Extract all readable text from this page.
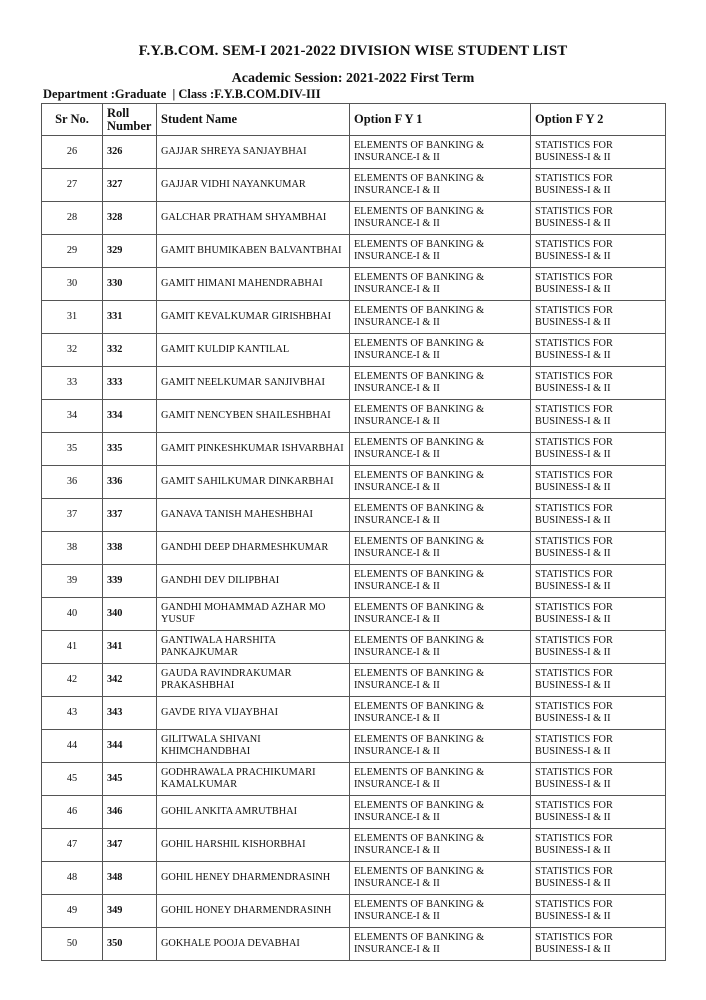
F.Y.B.COM. SEM-I 2021-2022 DIVISION WISE STUDENT LIST
Academic Session: 2021-2022 First Term
Department :Graduate  | Class :F.Y.B.COM.DIV-III
Sr No.	Roll Number	Student Name	Option F Y 1	Option F Y 2
26	326	GAJJAR SHREYA SANJAYBHAI	ELEMENTS OF BANKING & INSURANCE-I & II	STATISTICS FOR BUSINESS-I & II
27	327	GAJJAR VIDHI NAYANKUMAR	ELEMENTS OF BANKING & INSURANCE-I & II	STATISTICS FOR BUSINESS-I & II
28	328	GALCHAR PRATHAM SHYAMBHAI	ELEMENTS OF BANKING & INSURANCE-I & II	STATISTICS FOR BUSINESS-I & II
29	329	GAMIT BHUMIKABEN BALVANTBHAI	ELEMENTS OF BANKING & INSURANCE-I & II	STATISTICS FOR BUSINESS-I & II
30	330	GAMIT HIMANI MAHENDRABHAI	ELEMENTS OF BANKING & INSURANCE-I & II	STATISTICS FOR BUSINESS-I & II
31	331	GAMIT KEVALKUMAR GIRISHBHAI	ELEMENTS OF BANKING & INSURANCE-I & II	STATISTICS FOR BUSINESS-I & II
32	332	GAMIT KULDIP KANTILAL	ELEMENTS OF BANKING & INSURANCE-I & II	STATISTICS FOR BUSINESS-I & II
33	333	GAMIT NEELKUMAR SANJIVBHAI	ELEMENTS OF BANKING & INSURANCE-I & II	STATISTICS FOR BUSINESS-I & II
34	334	GAMIT NENCYBEN SHAILESHBHAI	ELEMENTS OF BANKING & INSURANCE-I & II	STATISTICS FOR BUSINESS-I & II
35	335	GAMIT PINKESHKUMAR ISHVARBHAI	ELEMENTS OF BANKING & INSURANCE-I & II	STATISTICS FOR BUSINESS-I & II
36	336	GAMIT SAHILKUMAR DINKARBHAI	ELEMENTS OF BANKING & INSURANCE-I & II	STATISTICS FOR BUSINESS-I & II
37	337	GANAVA TANISH MAHESHBHAI	ELEMENTS OF BANKING & INSURANCE-I & II	STATISTICS FOR BUSINESS-I & II
38	338	GANDHI DEEP DHARMESHKUMAR	ELEMENTS OF BANKING & INSURANCE-I & II	STATISTICS FOR BUSINESS-I & II
39	339	GANDHI DEV DILIPBHAI	ELEMENTS OF BANKING & INSURANCE-I & II	STATISTICS FOR BUSINESS-I & II
40	340	GANDHI MOHAMMAD AZHAR MO YUSUF	ELEMENTS OF BANKING & INSURANCE-I & II	STATISTICS FOR BUSINESS-I & II
41	341	GANTIWALA HARSHITA PANKAJKUMAR	ELEMENTS OF BANKING & INSURANCE-I & II	STATISTICS FOR BUSINESS-I & II
42	342	GAUDA RAVINDRAKUMAR PRAKASHBHAI	ELEMENTS OF BANKING & INSURANCE-I & II	STATISTICS FOR BUSINESS-I & II
43	343	GAVDE RIYA VIJAYBHAI	ELEMENTS OF BANKING & INSURANCE-I & II	STATISTICS FOR BUSINESS-I & II
44	344	GILITWALA SHIVANI KHIMCHANDBHAI	ELEMENTS OF BANKING & INSURANCE-I & II	STATISTICS FOR BUSINESS-I & II
45	345	GODHRAWALA PRACHIKUMARI KAMALKUMAR	ELEMENTS OF BANKING & INSURANCE-I & II	STATISTICS FOR BUSINESS-I & II
46	346	GOHIL ANKITA AMRUTBHAI	ELEMENTS OF BANKING & INSURANCE-I & II	STATISTICS FOR BUSINESS-I & II
47	347	GOHIL HARSHIL KISHORBHAI	ELEMENTS OF BANKING & INSURANCE-I & II	STATISTICS FOR BUSINESS-I & II
48	348	GOHIL HENEY DHARMENDRASINH	ELEMENTS OF BANKING & INSURANCE-I & II	STATISTICS FOR BUSINESS-I & II
49	349	GOHIL HONEY DHARMENDRASINH	ELEMENTS OF BANKING & INSURANCE-I & II	STATISTICS FOR BUSINESS-I & II
50	350	GOKHALE POOJA DEVABHAI	ELEMENTS OF BANKING & INSURANCE-I & II	STATISTICS FOR BUSINESS-I & II
